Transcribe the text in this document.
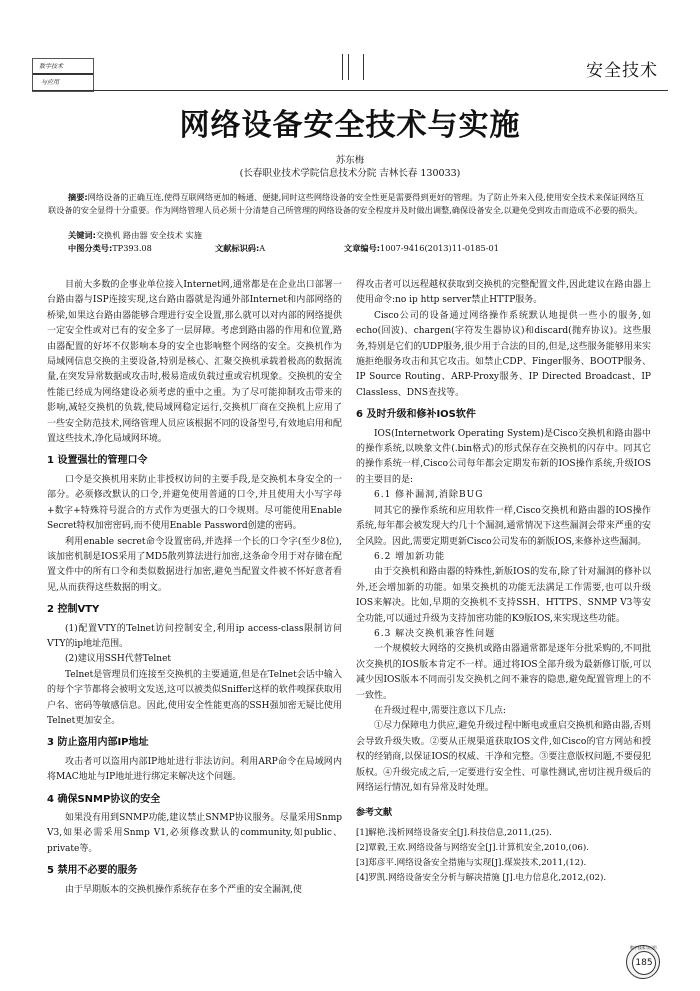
数字技术
与应用
安全技术
网络设备安全技术与实施
苏东梅
(长春职业技术学院信息技术分院 吉林长春 130033)
摘要:网络设备的正确互连,使得互联网络更加的畅通、便捷,同时这些网络设备的安全性更是需要得到更好的管理。为了防止外来入侵,使用安全技术来保证网络互联设备的安全显得十分重要。作为网络管理人员必须十分清楚自己所管理的网络设备的安全程度并及时做出调整,确保设备安全,以避免受到攻击而造成不必要的损失。
关键词:交换机 路由器 安全技术 实施
中图分类号: TP393.08	文献标识码: A	文章编号: 1007-9416(2013)11-0185-01

目前大多数的企事业单位接入Internet网,通常都是在企业出口部署一台路由器与ISP连接实现,这台路由器就是沟通外部Internet和内部网络的桥梁,如果这台路由器能够合理进行安全设置,那么就可以对内部的网络提供一定安全性或对已有的安全多了一层屏障。考虑到路由器的作用和位置,路由器配置的好坏不仅影响本身的安全也影响整个网络的安全。交换机作为局域网信息交换的主要设备,特别是核心、汇聚交换机承载着极高的数据流量,在突发异常数据或攻击时,极易造成负载过重或宕机现象。交换机的安全性能已经成为网络建设必须考虑的重中之重。为了尽可能抑制攻击带来的影响,减轻交换机的负载,使局域网稳定运行,交换机厂商在交换机上应用了一些安全防范技术,网络管理人员应该根据不同的设备型号,有效地启用和配置这些技术,净化局域网环境。

1 设置强壮的管理口令

口令是交换机用来防止非授权访问的主要手段,是交换机本身安全的一部分。必须修改默认的口令,并避免使用普通的口令,并且使用大小写字母+数字+特殊符号混合的方式作为更强大的口令规则。尽可能使用Enable Secret特权加密密码,而不使用Enable Password创建的密码。

利用enable secret命令设置密码,并选择一个长的口令字(至少8位),该加密机制是IOS采用了MD5散列算法进行加密,这条命令用于对存储在配置文件中的所有口令和类似数据进行加密,避免当配置文件被不怀好意者看见,从而获得这些数据的明文。

2 控制VTY

(1)配置VTY的Telnet访问控制安全,利用ip access-class限制访问VTY的ip地址范围。

(2)建议用SSH代替Telnet

Telnet是管理员们连接至交换机的主要通道,但是在Telnet会话中输入的每个字节都将会被明文发送,这可以被类似Sniffer这样的软件嗅探获取用户名、密码等敏感信息。因此,使用安全性能更高的SSH强加密无疑比使用Telnet更加安全。

3 防止盗用内部IP地址

攻击者可以盗用内部IP地址进行非法访问。利用ARP命令在局域网内将MAC地址与IP地址进行绑定来解决这个问题。

4 确保SNMP协议的安全

如果没有用到SNMP功能,建议禁止SNMP协议服务。尽量采用Snmp V3,如果必需采用Snmp V1,必须修改默认的community,如public、private等。

5 禁用不必要的服务

由于早期版本的交换机操作系统存在多个严重的安全漏洞,使

得攻击者可以远程越权获取到交换机的完整配置文件,因此建议在路由器上使用命令:no ip http server禁止HTTP服务。

Cisco公司的设备通过网络操作系统默认地提供一些小的服务,如echo(回波)、chargen(字符发生器协议)和discard(抛弃协议)。这些服务,特别是它们的UDP服务,很少用于合法的目的,但是,这些服务能够用来实施拒绝服务攻击和其它攻击。如禁止CDP、Finger服务、BOOTP服务、IP Source Routing、ARP-Proxy服务、IP Directed Broadcast、IP Classless、DNS查找等。

6 及时升级和修补IOS软件

IOS(Internetwork Operating System)是Cisco交换机和路由器中的操作系统,以映象文件(.bin格式)的形式保存在交换机的闪存中。同其它的操作系统一样,Cisco公司每年都会定期发布新的IOS操作系统,升级IOS的主要目的是:

6.1 修补漏洞,消除BUG

同其它的操作系统和应用软件一样,Cisco交换机和路由器的IOS操作系统,每年都会被发现大约几十个漏洞,通常情况下这些漏洞会带来严重的安全风险。因此,需要定期更新Cisco公司发布的新版IOS,来修补这些漏洞。

6.2 增加新功能

由于交换机和路由器的特殊性,新版IOS的发布,除了针对漏洞的修补以外,还会增加新的功能。如果交换机的功能无法满足工作需要,也可以升级IOS来解决。比如,早期的交换机不支持SSH、HTTPS、SNMP V3等安全功能,可以通过升级为支持加密功能的K9版IOS,来实现这些功能。

6.3 解决交换机兼容性问题

一个规模较大网络的交换机或路由器通常都是逐年分批采购的,不同批次交换机的IOS版本肯定不一样。通过将IOS全部升级为最新修订版,可以减少因IOS版本不同而引发交换机之间不兼容的隐患,避免配置管理上的不一致性。

在升级过程中,需要注意以下几点:

①尽力保障电力供应,避免升级过程中断电或重启交换机和路由器,否则会导致升级失败。②要从正规渠道获取IOS文件,如Cisco的官方网站和授权的经销商,以保证IOS的权威、干净和完整。③要注意版权问题,不要侵犯版权。④升级完成之后,一定要进行安全性、可靠性测试,密切注视升级后的网络运行情况,如有异常及时处理。

参考文献
[1]解艳.浅析网络设备安全[J].科技信息,2011,(25).
[2]覃毅,王欢.网络设备与网络安全[J].计算机安全,2010,(06).
[3]郑彦平.网络设备安全措施与实现[J].煤炭技术,2011,(12).
[4]罗凯.网络设备安全分析与解决措施 [J].电力信息化,2012,(02).
数字技术与应用
185
